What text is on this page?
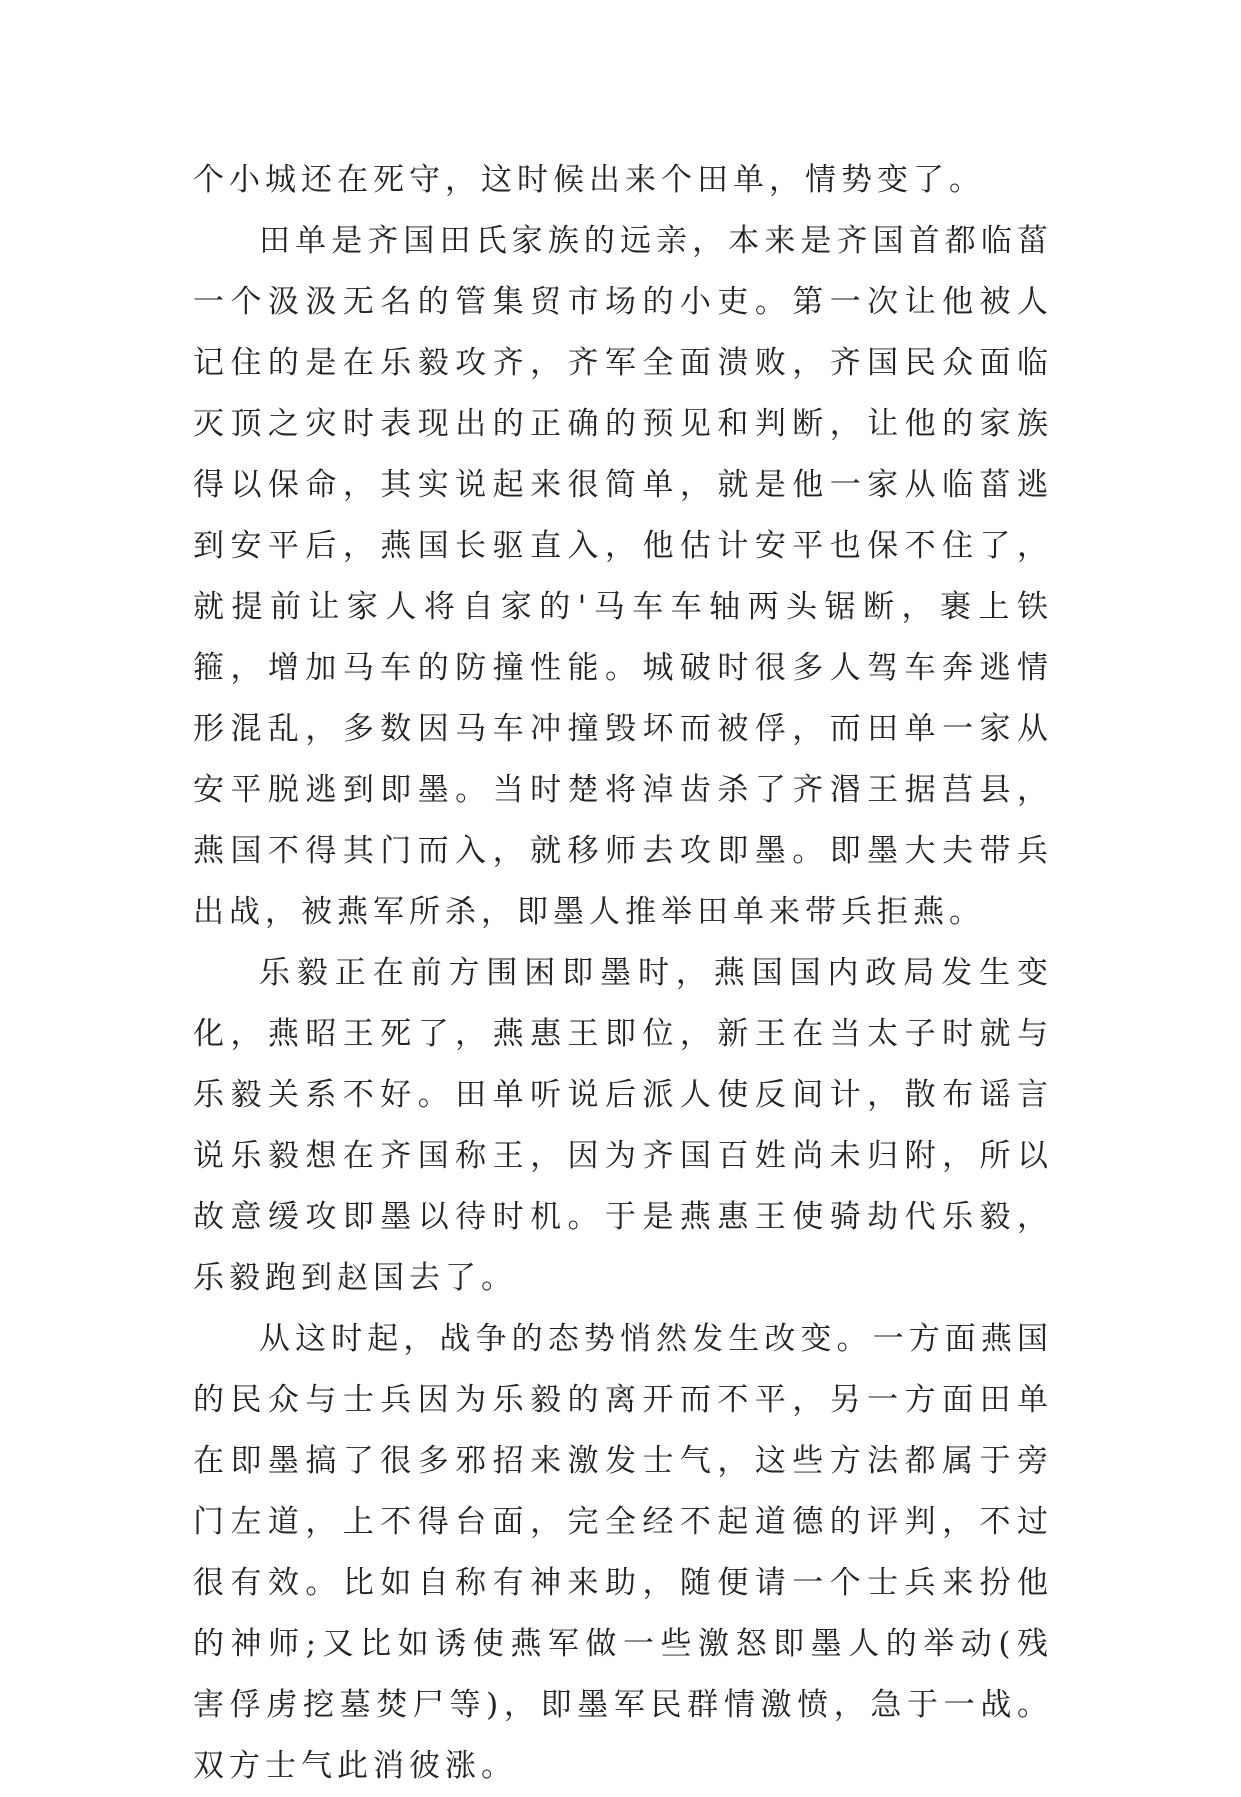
个小城还在死守，这时候出来个田单，情势变了。

田单是齐国田氏家族的远亲，本来是齐国首都临菑一个汲汲无名的管集贸市场的小吏。第一次让他被人记住的是在乐毅攻齐，齐军全面溃败，齐国民众面临灭顶之灾时表现出的正确的预见和判断，让他的家族得以保命，其实说起来很简单，就是他一家从临菑逃到安平后，燕国长驱直入，他估计安平也保不住了，就提前让家人将自家的'马车车轴两头锯断，裹上铁箍，增加马车的防撞性能。城破时很多人驾车奔逃情形混乱，多数因马车冲撞毁坏而被俘，而田单一家从安平脱逃到即墨。当时楚将淖齿杀了齐湣王据莒县，燕国不得其门而入，就移师去攻即墨。即墨大夫带兵出战，被燕军所杀，即墨人推举田单来带兵拒燕。

乐毅正在前方围困即墨时，燕国国内政局发生变化，燕昭王死了，燕惠王即位，新王在当太子时就与乐毅关系不好。田单听说后派人使反间计，散布谣言说乐毅想在齐国称王，因为齐国百姓尚未归附，所以故意缓攻即墨以待时机。于是燕惠王使骑劫代乐毅，乐毅跑到赵国去了。

从这时起，战争的态势悄然发生改变。一方面燕国的民众与士兵因为乐毅的离开而不平，另一方面田单在即墨搞了很多邪招来激发士气，这些方法都属于旁门左道，上不得台面，完全经不起道德的评判，不过很有效。比如自称有神来助，随便请一个士兵来扮他的神师;又比如诱使燕军做一些激怒即墨人的举动(残害俘虏挖墓焚尸等)，即墨军民群情激愤，急于一战。双方士气此消彼涨。
